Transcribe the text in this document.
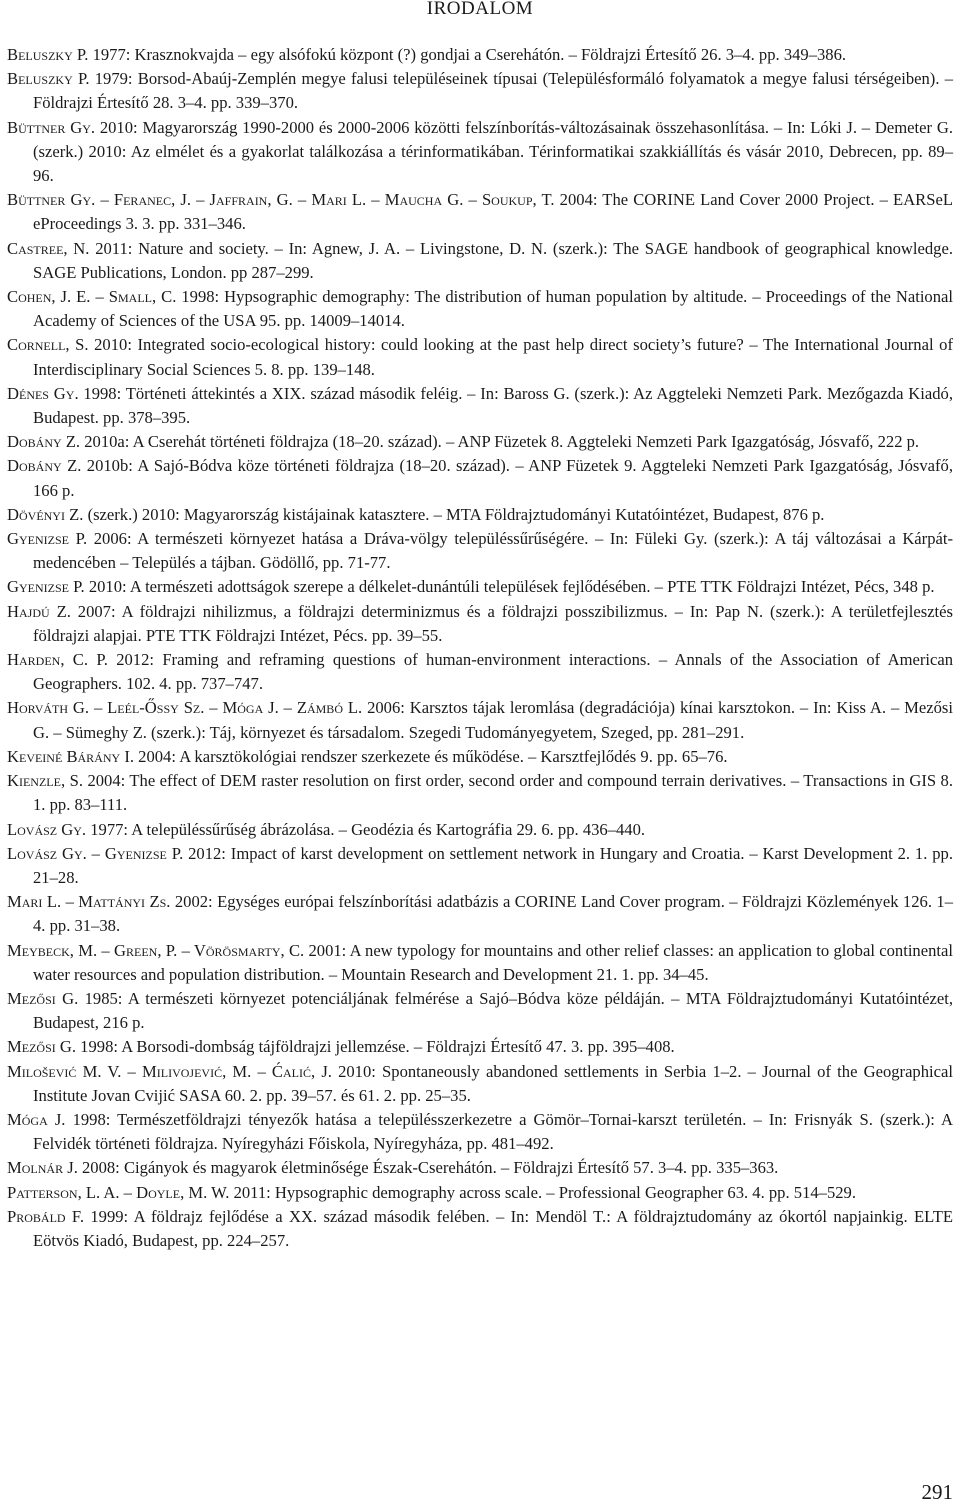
IRODALOM
Beluszky P. 1977: Krasznokvajda – egy alsófokú központ (?) gondjai a Cserehátón. – Földrajzi Értesítő 26. 3–4. pp. 349–386.
Beluszky P. 1979: Borsod-Abaúj-Zemplén megye falusi településeinek típusai (Településformáló folyamatok a megye falusi térségeiben). – Földrajzi Értesítő 28. 3–4. pp. 339–370.
Büttner Gy. 2010: Magyarország 1990-2000 és 2000-2006 közötti felszínborítás-változásainak összehasonlítása. – In: Lóki J. – Demeter G. (szerk.) 2010: Az elmélet és a gyakorlat találkozása a térinformatikában. Térinformatikai szakkiállítás és vásár 2010, Debrecen, pp. 89–96.
Büttner Gy. – Feranec, J. – Jaffrain, G. – Mari L. – Maucha G. – Soukup, T. 2004: The CORINE Land Cover 2000 Project. – EARSeL eProceedings 3. 3. pp. 331–346.
Castree, N. 2011: Nature and society. – In: Agnew, J. A. – Livingstone, D. N. (szerk.): The SAGE handbook of geographical knowledge. SAGE Publications, London. pp 287–299.
Cohen, J. E. – Small, C. 1998: Hypsographic demography: The distribution of human population by altitude. – Proceedings of the National Academy of Sciences of the USA 95. pp. 14009–14014.
Cornell, S. 2010: Integrated socio-ecological history: could looking at the past help direct society’s future? – The International Journal of Interdisciplinary Social Sciences 5. 8. pp. 139–148.
Dénes Gy. 1998: Történeti áttekintés a XIX. század második feléig. – In: Baross G. (szerk.): Az Aggteleki Nemzeti Park. Mezőgazda Kiadó, Budapest. pp. 378–395.
Dobány Z. 2010a: A Cserehát történeti földrajza (18–20. század). – ANP Füzetek 8. Aggteleki Nemzeti Park Igazgatóság, Jósvafő, 222 p.
Dobány Z. 2010b: A Sajó-Bódva köze történeti földrajza (18–20. század). – ANP Füzetek 9. Aggteleki Nemzeti Park Igazgatóság, Jósvafő, 166 p.
Dövényi Z. (szerk.) 2010: Magyarország kistájainak katasztere. – MTA Földrajztudományi Kutatóintézet, Budapest, 876 p.
Gyenizse P. 2006: A természeti környezet hatása a Dráva-völgy településsűrűségére. – In: Füleki Gy. (szerk.): A táj változásai a Kárpát-medencében – Település a tájban. Gödöllő, pp. 71-77.
Gyenizse P. 2010: A természeti adottságok szerepe a délkelet-dunántúli települések fejlődésében. – PTE TTK Földrajzi Intézet, Pécs, 348 p.
Hajdú Z. 2007: A földrajzi nihilizmus, a földrajzi determinizmus és a földrajzi posszibilizmus. – In: Pap N. (szerk.): A területfejlesztés földrajzi alapjai. PTE TTK Földrajzi Intézet, Pécs. pp. 39–55.
Harden, C. P. 2012: Framing and reframing questions of human-environment interactions. – Annals of the Association of American Geographers. 102. 4. pp. 737–747.
Horváth G. – Leél-Őssy Sz. – Móga J. – Zámbó L. 2006: Karsztos tájak leromlása (degradációja) kínai karsztokon. – In: Kiss A. – Mezősi G. – Sümeghy Z. (szerk.): Táj, környezet és társadalom. Szegedi Tudományegyetem, Szeged, pp. 281–291.
Keveiné Bárány I. 2004: A karsztökológiai rendszer szerkezete és működése. – Karsztfejlődés 9. pp. 65–76.
Kienzle, S. 2004: The effect of DEM raster resolution on first order, second order and compound terrain derivatives. – Transactions in GIS 8. 1. pp. 83–111.
Lovász Gy. 1977: A településsűrűség ábrázolása. – Geodézia és Kartográfia 29. 6. pp. 436–440.
Lovász Gy. – Gyenizse P. 2012: Impact of karst development on settlement network in Hungary and Croatia. – Karst Development 2. 1. pp. 21–28.
Mari L. – Mattányi Zs. 2002: Egységes európai felszínborítási adatbázis a CORINE Land Cover program. – Földrajzi Közlemények 126. 1–4. pp. 31–38.
Meybeck, M. – Green, P. – Vörösmarty, C. 2001: A new typology for mountains and other relief classes: an application to global continental water resources and population distribution. – Mountain Research and Development 21. 1. pp. 34–45.
Mezősi G. 1985: A természeti környezet potenciáljának felmérése a Sajó–Bódva köze példáján. – MTA Földrajztudományi Kutatóintézet, Budapest, 216 p.
Mezősi G. 1998: A Borsodi-dombság tájföldrajzi jellemzése. – Földrajzi Értesítő 47. 3. pp. 395–408.
Milošević M. V. – Milivojević, M. – Ćalić, J. 2010: Spontaneously abandoned settlements in Serbia 1–2. – Journal of the Geographical Institute Jovan Cvijić SASA 60. 2. pp. 39–57. és 61. 2. pp. 25–35.
Móga J. 1998: Természetföldrajzi tényezők hatása a településszerkezetre a Gömör–Tornai-karszt területén. – In: Frisnyák S. (szerk.): A Felvidék történeti földrajza. Nyíregyházi Főiskola, Nyíregyháza, pp. 481–492.
Molnár J. 2008: Cigányok és magyarok életminősége Észak-Cserehátón. – Földrajzi Értesítő 57. 3–4. pp. 335–363.
Patterson, L. A. – Doyle, M. W. 2011: Hypsographic demography across scale. – Professional Geographer 63. 4. pp. 514–529.
Probáld F. 1999: A földrajz fejlődése a XX. század második felében. – In: Mendöl T.: A földrajztudomány az ókortól napjainkig. ELTE Eötvös Kiadó, Budapest, pp. 224–257.
291
